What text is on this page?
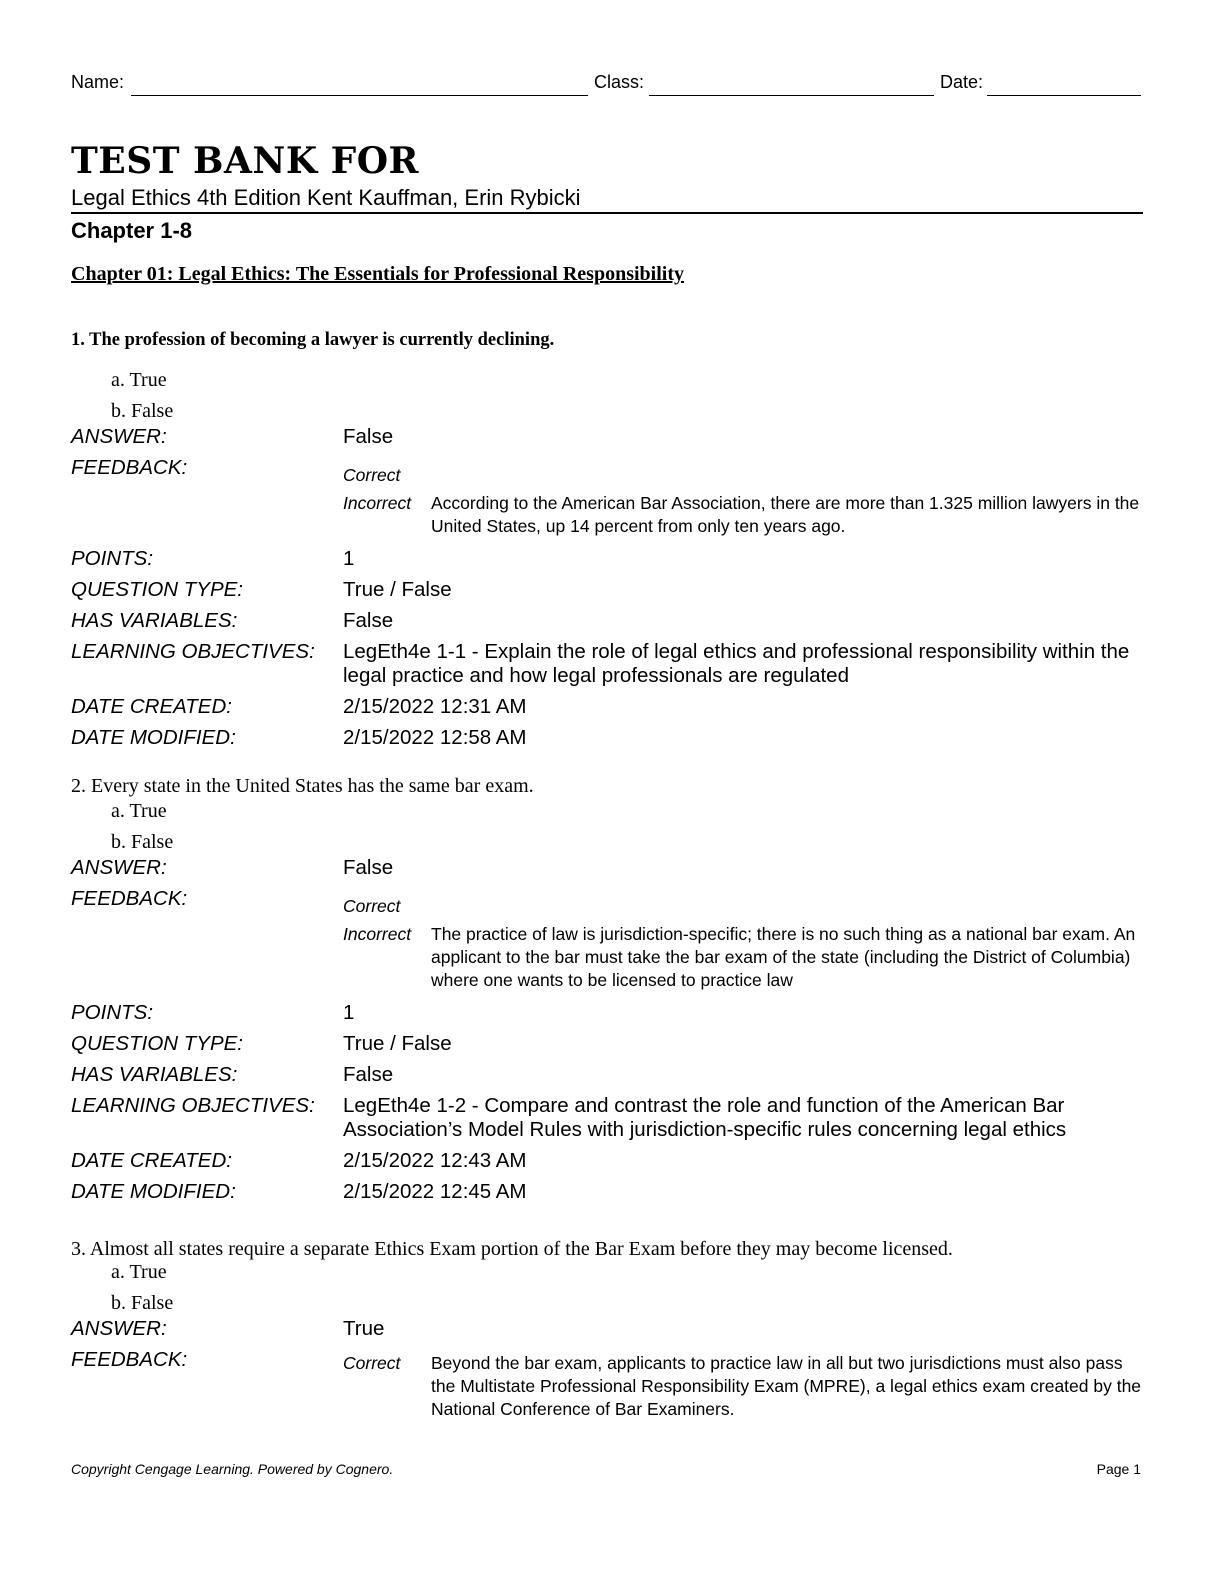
Name:	Class:	Date:
TEST BANK FOR
Legal Ethics 4th Edition Kent Kauffman, Erin Rybicki
Chapter 1-8
Chapter 01: Legal Ethics: The Essentials for Professional Responsibility
1. The profession of becoming a lawyer is currently declining.
a. True
b. False
ANSWER:	False
FEEDBACK:	Correct

Incorrect According to the American Bar Association, there are more than 1.325 million lawyers in the United States, up 14 percent from only ten years ago.
POINTS:	1
QUESTION TYPE:	True / False
HAS VARIABLES:	False
LEARNING OBJECTIVES: LegEth4e 1-1 - Explain the role of legal ethics and professional responsibility within the legal practice and how legal professionals are regulated
DATE CREATED:	2/15/2022 12:31 AM
DATE MODIFIED:	2/15/2022 12:58 AM
2. Every state in the United States has the same bar exam.
a. True
b. False
ANSWER:	False
FEEDBACK:	Correct

Incorrect The practice of law is jurisdiction-specific; there is no such thing as a national bar exam. An applicant to the bar must take the bar exam of the state (including the District of Columbia) where one wants to be licensed to practice law
POINTS:	1
QUESTION TYPE:	True / False
HAS VARIABLES:	False
LEARNING OBJECTIVES: LegEth4e 1-2 - Compare and contrast the role and function of the American Bar Association’s Model Rules with jurisdiction-specific rules concerning legal ethics
DATE CREATED:	2/15/2022 12:43 AM
DATE MODIFIED:	2/15/2022 12:45 AM
3. Almost all states require a separate Ethics Exam portion of the Bar Exam before they may become licensed.
a. True
b. False
ANSWER:	True
FEEDBACK:	Correct Beyond the bar exam, applicants to practice law in all but two jurisdictions must also pass the Multistate Professional Responsibility Exam (MPRE), a legal ethics exam created by the National Conference of Bar Examiners.
Copyright Cengage Learning. Powered by Cognero.	Page 1
